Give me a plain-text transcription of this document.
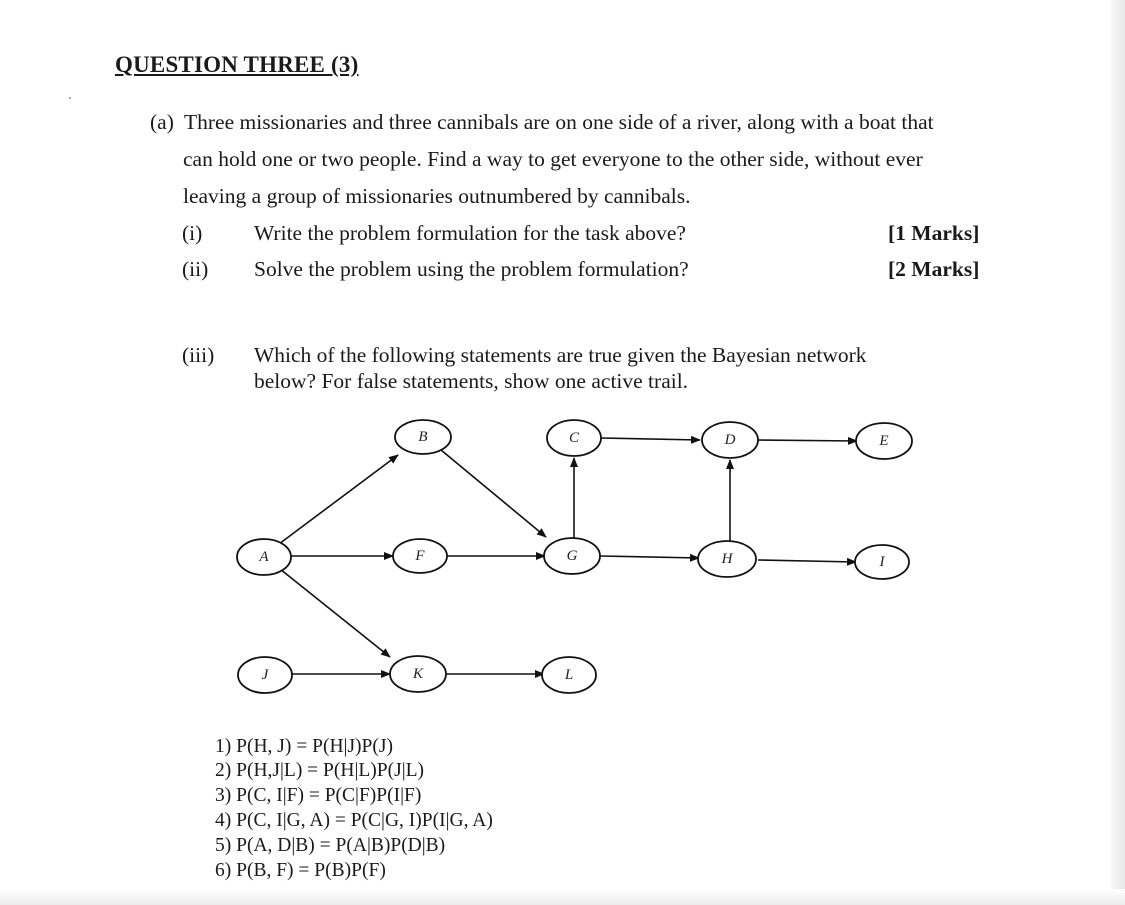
QUESTION THREE (3)
(a) Three missionaries and three cannibals are on one side of a river, along with a boat that
can hold one or two people. Find a way to get everyone to the other side, without ever
leaving a group of missionaries outnumbered by cannibals.
(i) Write the problem formulation for the task above?	[1 Marks]
(ii) Solve the problem using the problem formulation?	[2 Marks]
(iii) Which of the following statements are true given the Bayesian network
below? For false statements, show one active trail.
B	C	D	E
A	F	G	H	I
J	K	L
1) P(H, J) = P(H|J)P(J)
2) P(H,J|L) = P(H|L)P(J|L)
3) P(C, I|F) = P(C|F)P(I|F)
4) P(C, I|G, A) = P(C|G, I)P(I|G, A)
5) P(A, D|B) = P(A|B)P(D|B)
6) P(B, F) = P(B)P(F)
